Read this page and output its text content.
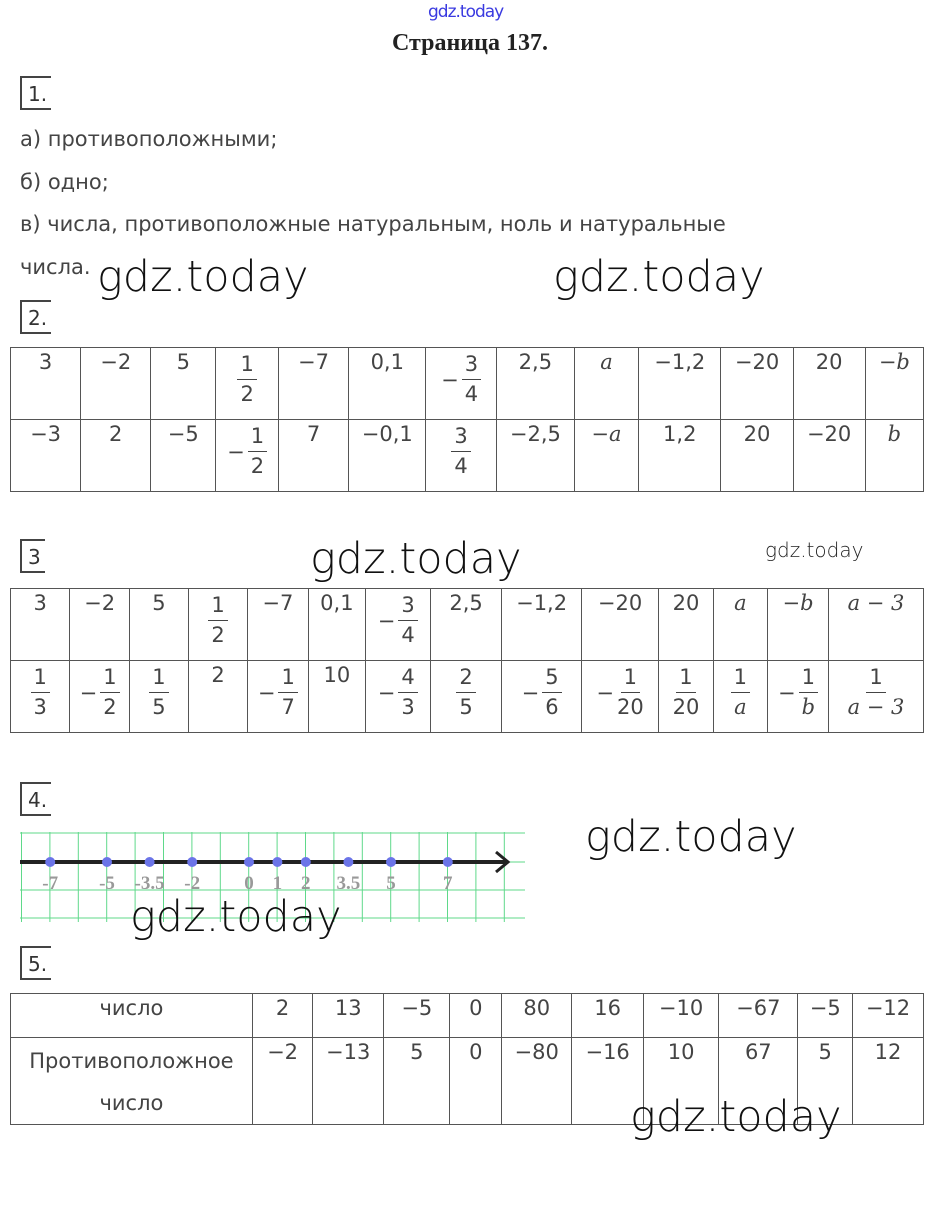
gdz.today
Страница 137.
1.
а) противоположными;
б) одно;
в) числа, противоположные натуральным, ноль и натуральные
числа.
2.
3	−2	5	$\frac{1}{2}$	−7	0,1	− $\frac{3}{4}$	2,5	a	−1,2	−20	20	−b
−3	2	−5	− $\frac{1}{2}$	7	−0,1	$\frac{3}{4}$	−2,5	−a	1,2	20	−20	b
3
3	−2	5	$\frac{1}{2}$	−7	0,1	− $\frac{3}{4}$	2,5	−1,2	−20	20	a	−b	a − 3

$\frac{1}{3}$	− $\frac{1}{2}$	$\frac{1}{5}$	2	− $\frac{1}{7}$	10	− $\frac{4}{3}$	$\frac{2}{5}$	− $\frac{5}{6}$	− $\frac{1}{20}$	$\frac{1}{20}$	$\frac{1}{a}$	− $\frac{1}{b}$	$\frac{1}{a - 3}$
4.
-7 -5 -3.5 -2 0 1 2 3.5 5 7
5.
число	2	13	−5	0	80	16	−10	−67	−5	−12
Противоположное
число	−2	−13	5	0	−80	−16	10	67	5	12
gdz.today	gdz.today
gdz.today	gdz.today
gdz.today
gdz.today
gdz.today
